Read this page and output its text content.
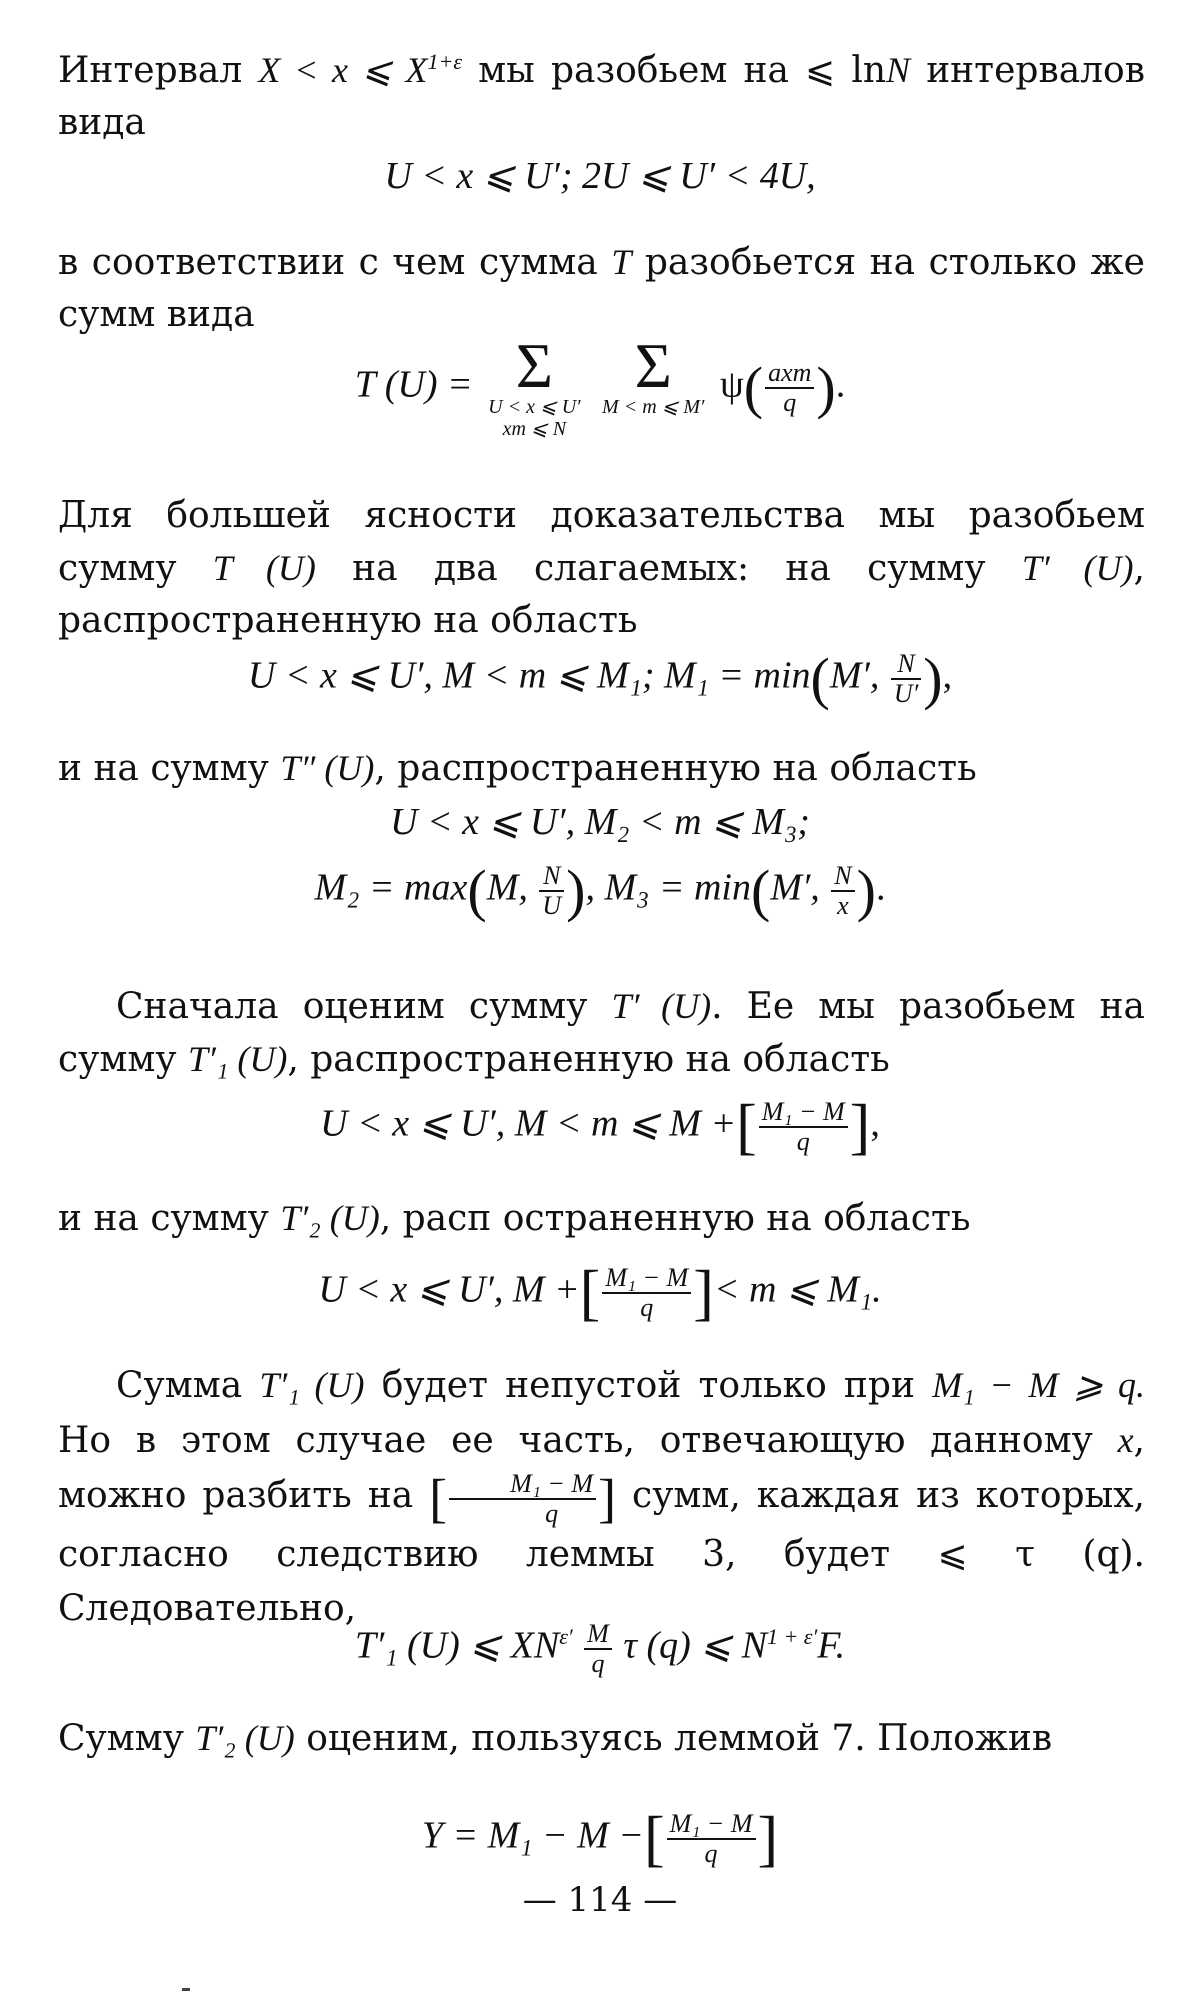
Интервал X < x ⩽ $X^{1+\varepsilon}$ мы разобьем на ⩽ lnN интервалов вида

U < x ⩽ U′; 2U ⩽ U′ < 4U,

в соответствии с чем сумма T разобьется на столько же сумм вида

T (U) = Σ
U < x ⩽ U′
xm ⩽ N

Σ
M < m ⩽ M′

$\psi( \frac{\text{axm}}{q}$ ).

Для большей ясности доказательства мы разобьем сумму T (U) на два слагаемых: на сумму T′ (U), распространенную на область

U < x ⩽ U′, M < m ⩽ M₁; M₁ = min(M′, $\frac{N}{U'}$ ),

и на сумму T″ (U), распространенную на область

U < x ⩽ U′, M₂ < m ⩽ M₃;
M₂ = max(M, $\frac{N}{U}$ ), M₃ = min(M′, $\frac{N}{x}$ ).

Сначала оценим сумму T′ (U). Ее мы разобьем на сумму T′₁ (U), распространенную на область

U < x ⩽ U′, M < m ⩽ M +[ $\frac{\text{M₁ − M}}{q}$ ],

и на сумму T′₂ (U), расп остраненную на область

U < x ⩽ U′, M +[ $\frac{\text{M₁ − M}}{q}$ ]< m ⩽ M₁.

Сумма T′₁ (U) будет непустой только при M₁ − M ⩾ q. Но в этом случае ее часть, отвечающую данному x, можно разбить на [ $\frac{\text{M₁ − M}}{q}$ ] сумм, каждая из которых, согласно следствию леммы 3, будет ⩽ τ (q). Следовательно,

T′₁ (U) ⩽ $XN^{\varepsilon'} \frac{M}{q}$ τ (q) ⩽ $N^{1 + \varepsilon'}F$.

Сумму T′₂ (U) оценим, пользуясь леммой 7. Положив

Y = M₁ − M −[ $\frac{\text{M₁ − M}}{q}$ ]
— 114 —
